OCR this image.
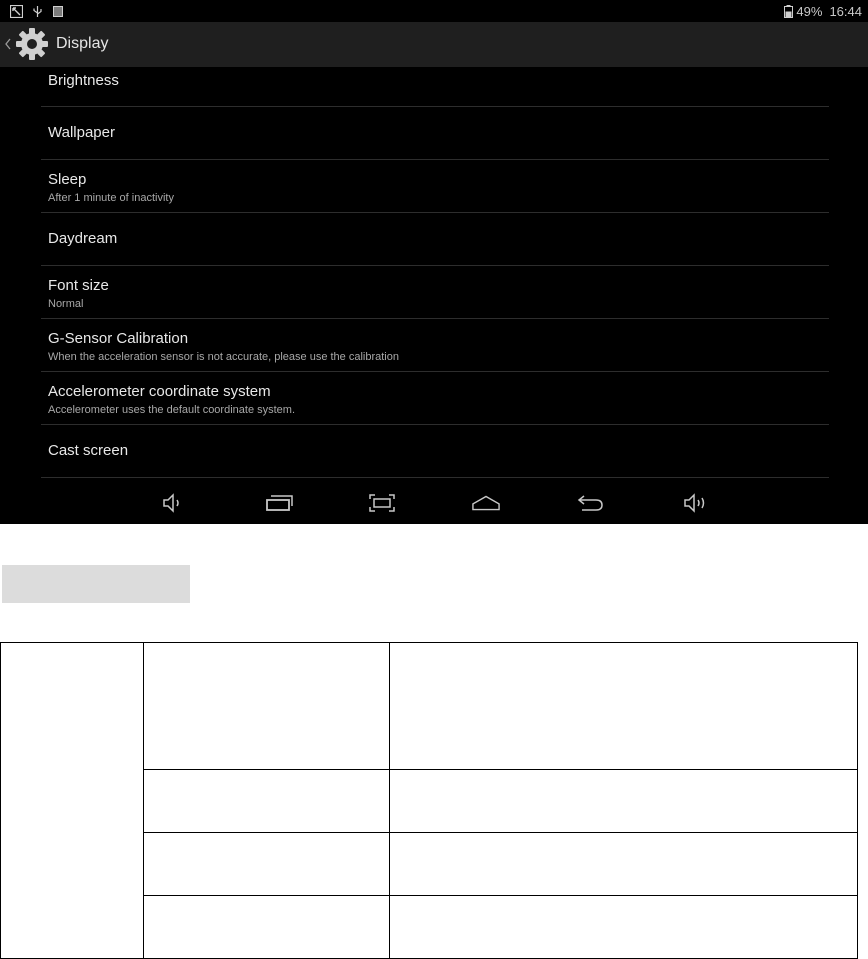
49% 16:44
Display
Brightness
Wallpaper
Sleep
After 1 minute of inactivity
Daydream
Font size
Normal
G-Sensor Calibration
When the acceleration sensor is not accurate, please use the calibration
Accelerometer coordinate system
Accelerometer uses the default coordinate system.
Cast screen
